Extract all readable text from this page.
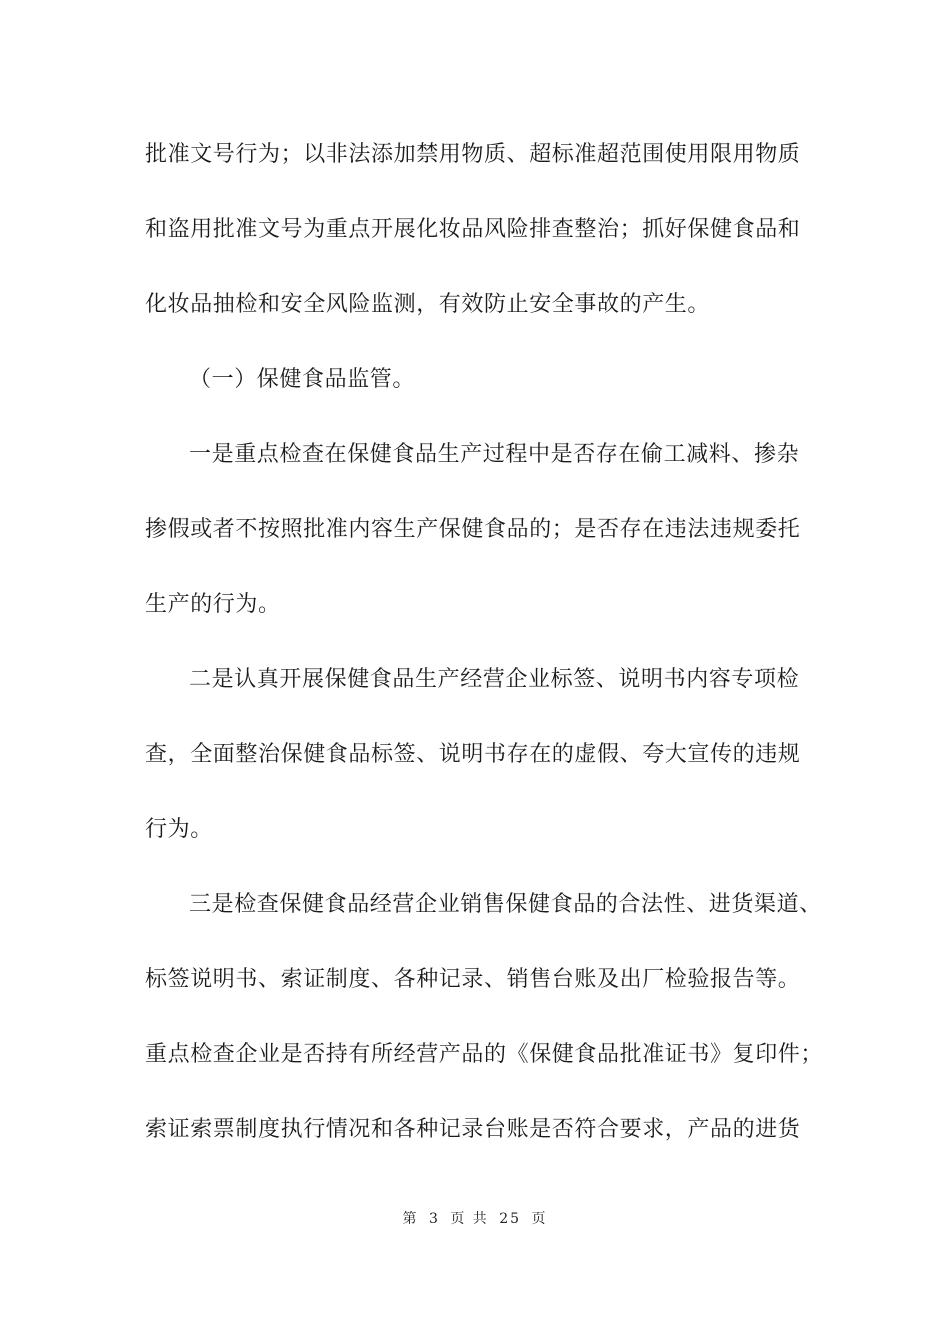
批准文号行为；以非法添加禁用物质、超标准超范围使用限用物质
和盗用批准文号为重点开展化妆品风险排查整治；抓好保健食品和
化妆品抽检和安全风险监测，有效防止安全事故的产生。
（一）保健食品监管。
一是重点检查在保健食品生产过程中是否存在偷工减料、掺杂
掺假或者不按照批准内容生产保健食品的；是否存在违法违规委托
生产的行为。
二是认真开展保健食品生产经营企业标签、说明书内容专项检
查，全面整治保健食品标签、说明书存在的虚假、夸大宣传的违规
行为。
三是检查保健食品经营企业销售保健食品的合法性、进货渠道、
标签说明书、索证制度、各种记录、销售台账及出厂检验报告等。
重点检查企业是否持有所经营产品的《保健食品批准证书》复印件；
索证索票制度执行情况和各种记录台账是否符合要求，产品的进货
第 3 页 共 25 页
